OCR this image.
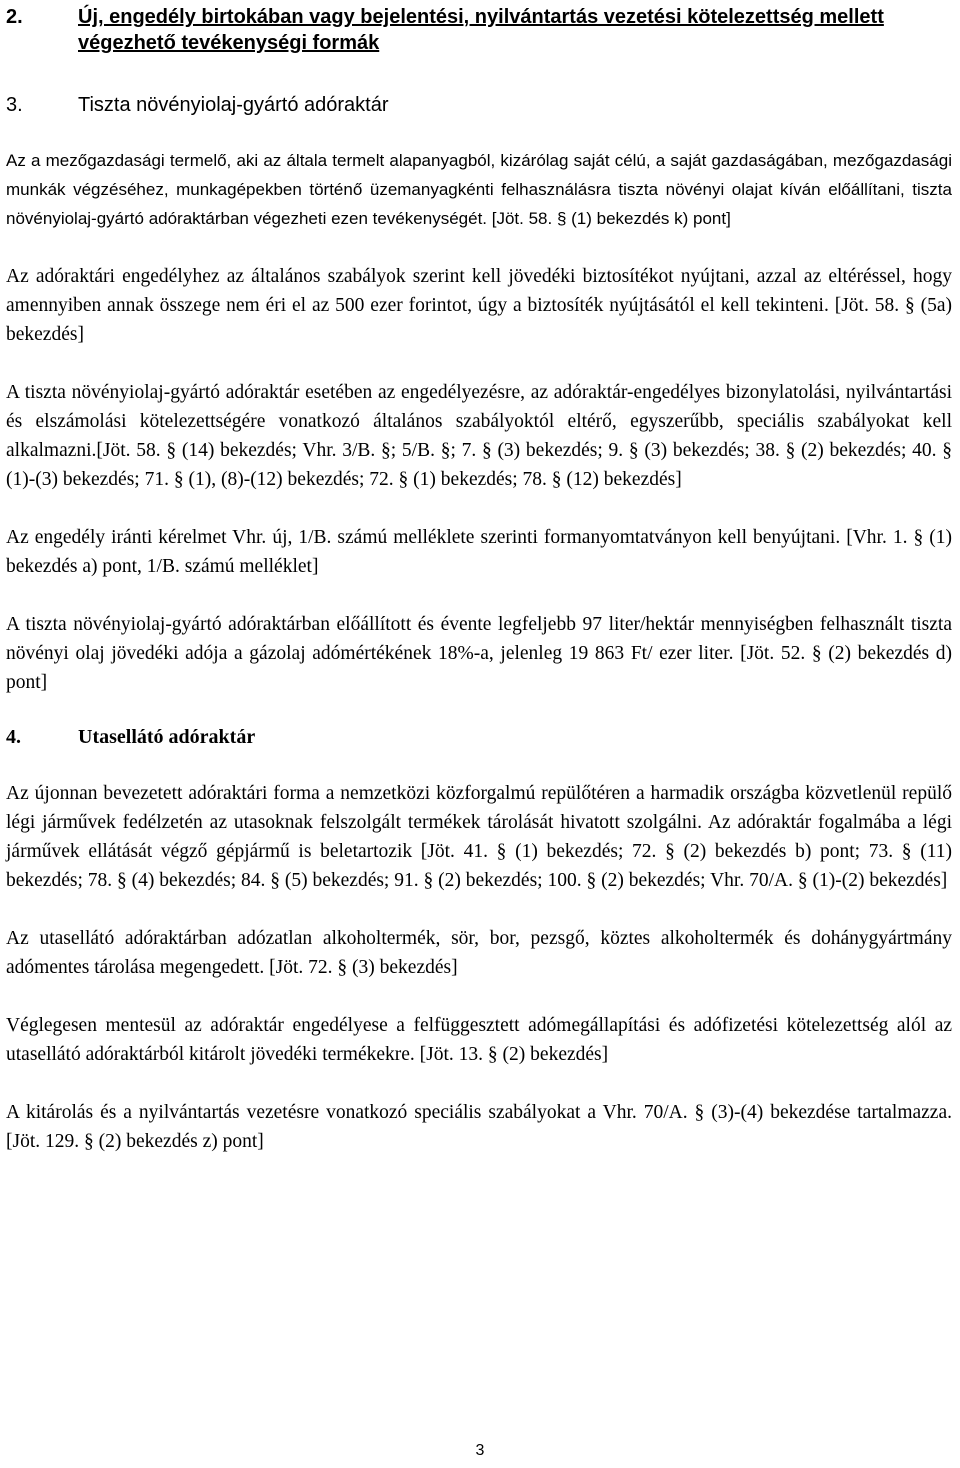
2.	Új, engedély birtokában vagy bejelentési, nyilvántartás vezetési kötelezettség mellett végezhető tevékenységi formák
3.	Tiszta növényiolaj-gyártó adóraktár

Az a mezőgazdasági termelő, aki az általa termelt alapanyagból, kizárólag saját célú, a saját gazdaságában, mezőgazdasági munkák végzéséhez, munkagépekben történő üzemanyagkénti felhasználásra tiszta növényi olajat kíván előállítani, tiszta növényiolaj-gyártó adóraktárban végezheti ezen tevékenységét. [Jöt. 58. § (1) bekezdés k) pont]

Az adóraktári engedélyhez az általános szabályok szerint kell jövedéki biztosítékot nyújtani, azzal az eltéréssel, hogy amennyiben annak összege nem éri el az 500 ezer forintot, úgy a biztosíték nyújtásától el kell tekinteni. [Jöt. 58. § (5a) bekezdés]

A tiszta növényiolaj-gyártó adóraktár esetében az engedélyezésre, az adóraktár-engedélyes bizonylatolási, nyilvántartási és elszámolási kötelezettségére vonatkozó általános szabályoktól eltérő, egyszerűbb, speciális szabályokat kell alkalmazni.[Jöt. 58. § (14) bekezdés; Vhr. 3/B. §; 5/B. §; 7. § (3) bekezdés; 9. § (3) bekezdés; 38. § (2) bekezdés; 40. § (1)-(3) bekezdés; 71. § (1), (8)-(12) bekezdés; 72. § (1) bekezdés; 78. § (12) bekezdés]

Az engedély iránti kérelmet Vhr. új, 1/B. számú melléklete szerinti formanyomtatványon kell benyújtani. [Vhr. 1. § (1) bekezdés a) pont, 1/B. számú melléklet]

A tiszta növényiolaj-gyártó adóraktárban előállított és évente legfeljebb 97 liter/hektár mennyiségben felhasznált tiszta növényi olaj jövedéki adója a gázolaj adómértékének 18%-a, jelenleg 19 863 Ft/ ezer liter. [Jöt. 52. § (2) bekezdés d) pont]

4.	Utasellátó adóraktár

Az újonnan bevezetett adóraktári forma a nemzetközi közforgalmú repülőtéren a harmadik országba közvetlenül repülő légi járművek fedélzetén az utasoknak felszolgált termékek tárolását hivatott szolgálni. Az adóraktár fogalmába a légi járművek ellátását végző gépjármű is beletartozik [Jöt. 41. § (1) bekezdés; 72. § (2) bekezdés b) pont; 73. § (11) bekezdés; 78. § (4) bekezdés; 84. § (5) bekezdés; 91. § (2) bekezdés; 100. § (2) bekezdés; Vhr. 70/A. § (1)-(2) bekezdés]

Az utasellátó adóraktárban adózatlan alkoholtermék, sör, bor, pezsgő, köztes alkoholtermék és dohánygyártmány adómentes tárolása megengedett. [Jöt. 72. § (3) bekezdés]

Véglegesen mentesül az adóraktár engedélyese a felfüggesztett adómegállapítási és adófizetési kötelezettség alól az utasellátó adóraktárból kitárolt jövedéki termékekre. [Jöt. 13. § (2) bekezdés]

A kitárolás és a nyilvántartás vezetésre vonatkozó speciális szabályokat a Vhr. 70/A. § (3)-(4) bekezdése tartalmazza.[Jöt. 129. § (2) bekezdés z) pont]

3
